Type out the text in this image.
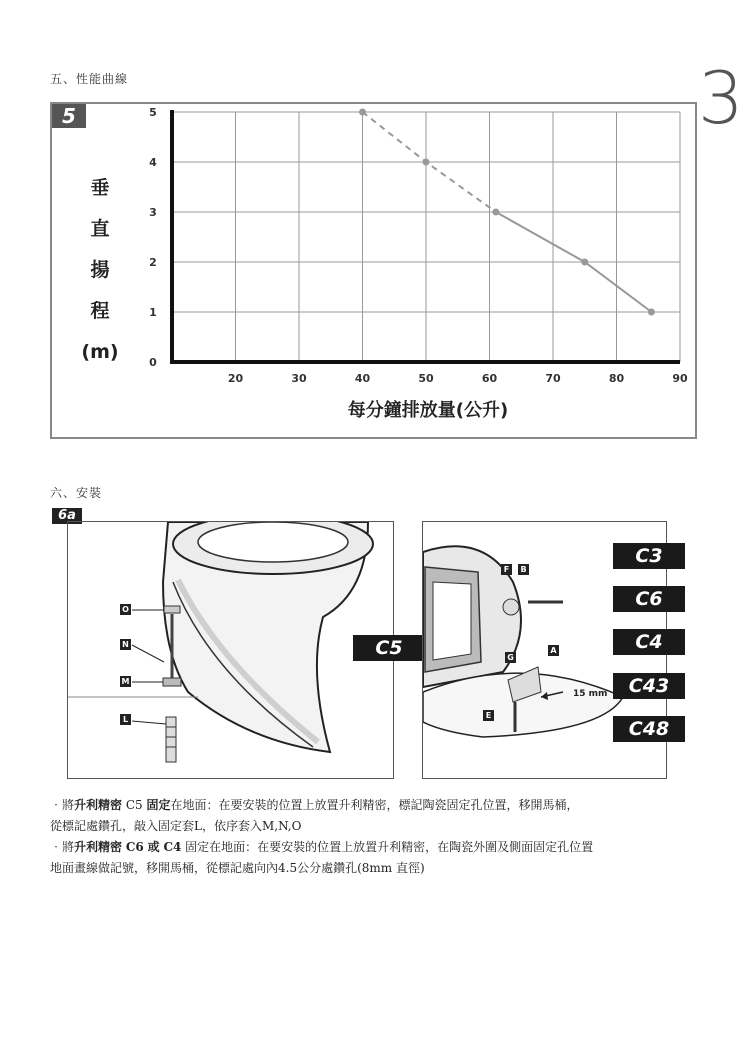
五、性能曲線	3
5
垂
直
揚
程
(m)	0
1
2
3
4
5
20	30	40	50	60	70	80	90
每分鐘排放量(公升)
六、安裝
6a
O
N
M
L
C5
F	B
G
A
E
15 mm
C3
C6
C4
C43
C48
‧將升利精密 C5 固定在地面：在要安裝的位置上放置升利精密，標記陶瓷固定孔位置，移開馬桶，
從標記處鑽孔，敲入固定套L，依序套入M,N,O
‧將升利精密 C6 或 C4 固定在地面：在要安裝的位置上放置升利精密，在陶瓷外圍及側面固定孔位置
地面畫線做記號，移開馬桶，從標記處向內4.5公分處鑽孔(8mm 直徑)
